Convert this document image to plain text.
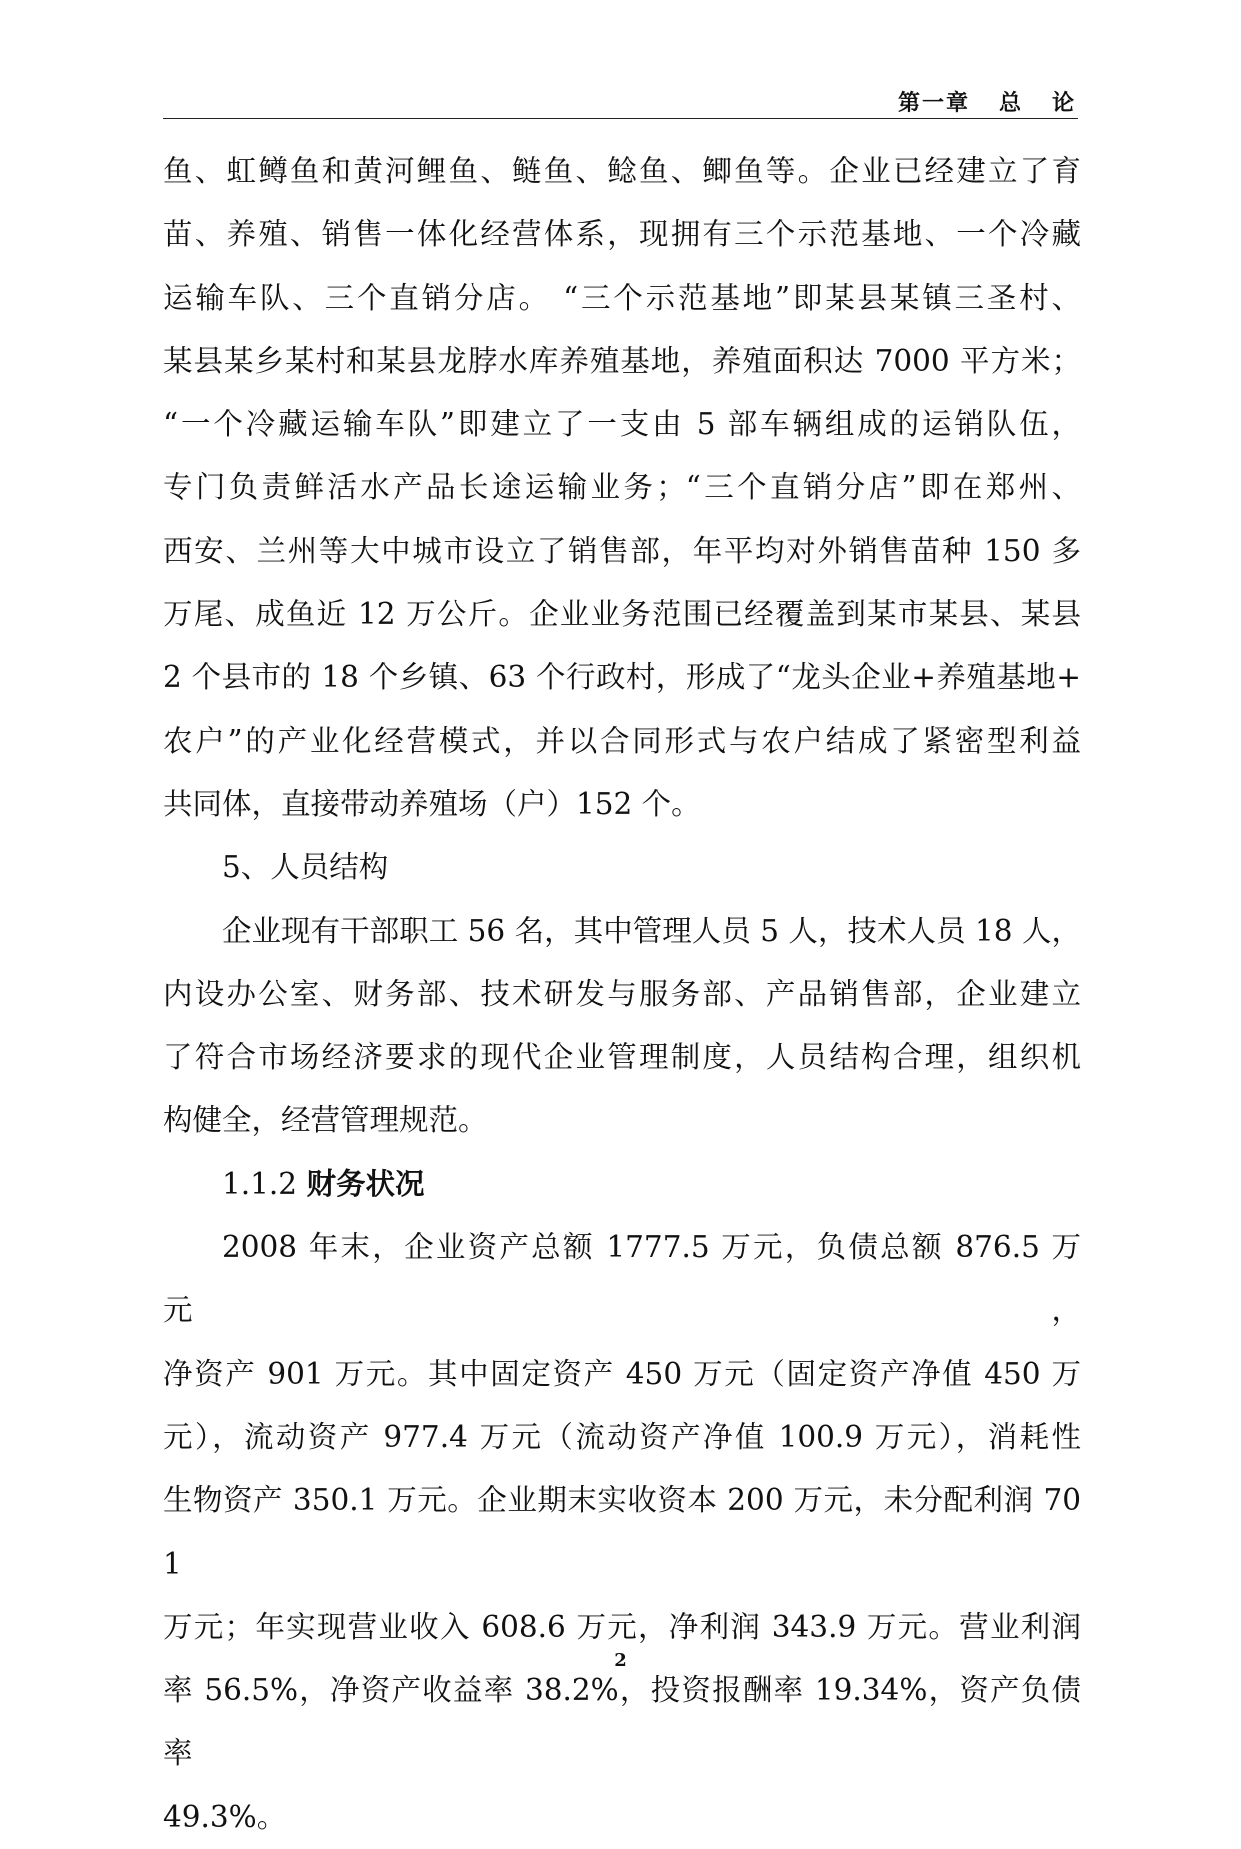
第一章   总   论

鱼、虹鳟鱼和黄河鲤鱼、鲢鱼、鲶鱼、鲫鱼等。企业已经建立了育

苗、养殖、销售一体化经营体系，现拥有三个示范基地、一个冷藏

运输车队、三个直销分店。 “三个示范基地”即某县某镇三圣村、

某县某乡某村和某县龙脖水库养殖基地，养殖面积达 7000 平方米；

“一个冷藏运输车队”即建立了一支由 5 部车辆组成的运销队伍，

专门负责鲜活水产品长途运输业务；“三个直销分店”即在郑州、

西安、兰州等大中城市设立了销售部，年平均对外销售苗种 150 多

万尾、成鱼近 12 万公斤。企业业务范围已经覆盖到某市某县、某县

2 个县市的 18 个乡镇、63 个行政村，形成了“龙头企业+养殖基地+

农户”的产业化经营模式，并以合同形式与农户结成了紧密型利益

共同体，直接带动养殖场（户）152 个。

5、人员结构

企业现有干部职工 56 名，其中管理人员 5 人，技术人员 18 人，

内设办公室、财务部、技术研发与服务部、产品销售部，企业建立

了符合市场经济要求的现代企业管理制度，人员结构合理，组织机

构健全，经营管理规范。

1.1.2 财务状况

2008 年末，企业资产总额 1777.5 万元，负债总额 876.5 万元，

净资产 901 万元。其中固定资产 450 万元（固定资产净值 450 万

元），流动资产 977.4 万元（流动资产净值 100.9 万元），消耗性

生物资产 350.1 万元。企业期末实收资本 200 万元，未分配利润 701

万元；年实现营业收入 608.6 万元，净利润 343.9 万元。营业利润

率 56.5%，净资产收益率 38.2%，投资报酬率 19.34%，资产负债率

49.3%。

2
